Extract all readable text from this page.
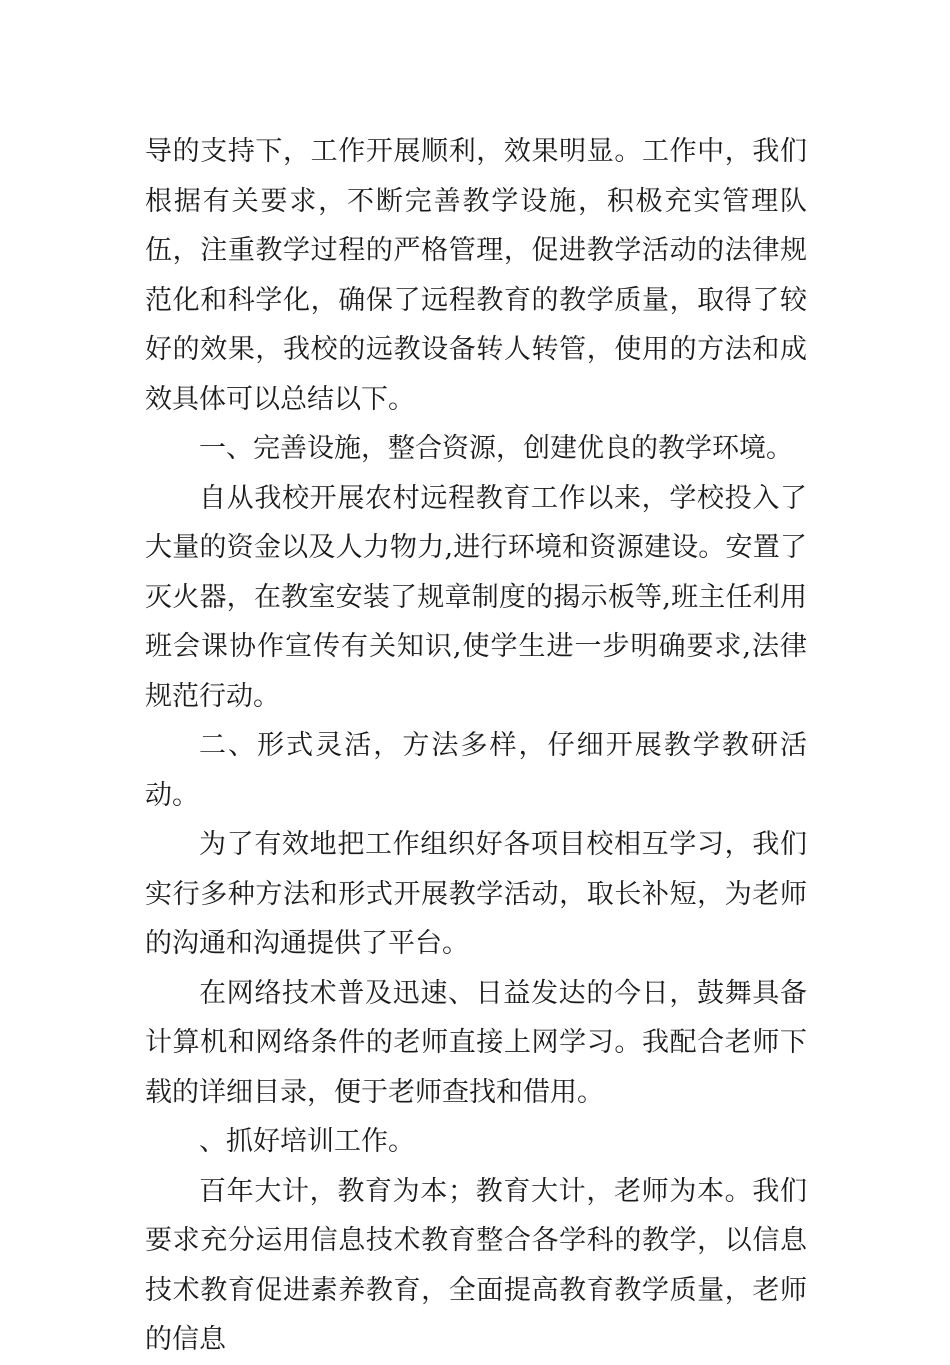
导的支持下，工作开展顺利，效果明显。工作中，我们根据有关要求，不断完善教学设施，积极充实管理队伍，注重教学过程的严格管理，促进教学活动的法律规范化和科学化，确保了远程教育的教学质量，取得了较好的效果，我校的远教设备转人转管，使用的方法和成效具体可以总结以下。

一、完善设施，整合资源，创建优良的教学环境。

自从我校开展农村远程教育工作以来，学校投入了大量的资金以及人力物力,进行环境和资源建设。安置了灭火器，在教室安装了规章制度的揭示板等,班主任利用班会课协作宣传有关知识,使学生进一步明确要求,法律规范行动。

二、形式灵活，方法多样，仔细开展教学教研活动。

为了有效地把工作组织好各项目校相互学习，我们实行多种方法和形式开展教学活动，取长补短，为老师的沟通和沟通提供了平台。

在网络技术普及迅速、日益发达的今日，鼓舞具备计算机和网络条件的老师直接上网学习。我配合老师下载的详细目录，便于老师查找和借用。

、抓好培训工作。

百年大计，教育为本；教育大计，老师为本。我们要求充分运用信息技术教育整合各学科的教学，以信息技术教育促进素养教育，全面提高教育教学质量，老师的信息
